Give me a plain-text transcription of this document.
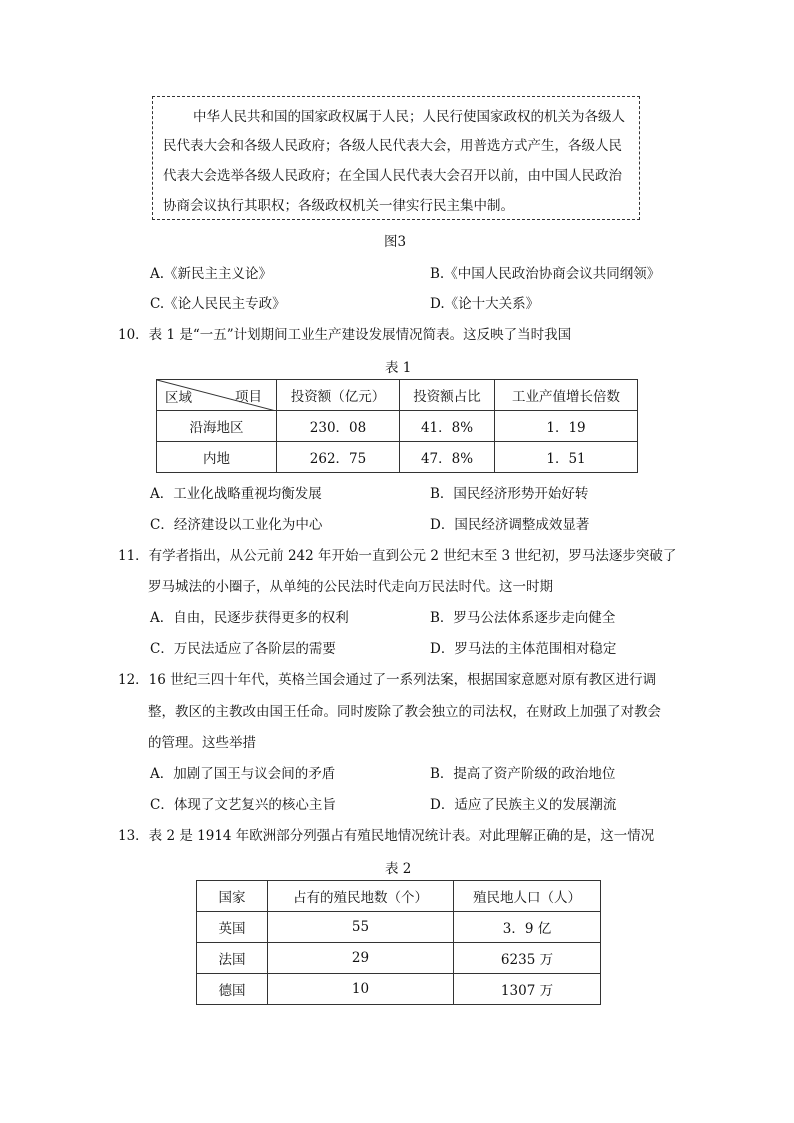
中华人民共和国的国家政权属于人民；人民行使国家政权的机关为各级人
民代表大会和各级人民政府；各级人民代表大会，用普选方式产生，各级人民
代表大会选举各级人民政府；在全国人民代表大会召开以前，由中国人民政治
协商会议执行其职权；各级政权机关一律实行民主集中制。
图3
A.《新民主主义论》	B.《中国人民政治协商会议共同纲领》
C.《论人民民主专政》	D.《论十大关系》
10．表 1 是“一五”计划期间工业生产建设发展情况简表。这反映了当时我国
表 1
区域 项目	投资额（亿元）	投资额占比	工业产值增长倍数
沿海地区	230．08	41．8%	1．19
内地	262．75	47．8%	1．51
A．工业化战略重视均衡发展	B．国民经济形势开始好转
C．经济建设以工业化为中心	D．国民经济调整成效显著
11．有学者指出，从公元前 242 年开始一直到公元 2 世纪末至 3 世纪初，罗马法逐步突破了
罗马城法的小圈子，从单纯的公民法时代走向万民法时代。这一时期
A．自由，民逐步获得更多的权利	B．罗马公法体系逐步走向健全
C．万民法适应了各阶层的需要	D．罗马法的主体范围相对稳定
12．16 世纪三四十年代，英格兰国会通过了一系列法案，根据国家意愿对原有教区进行调
整，教区的主教改由国王任命。同时废除了教会独立的司法权，在财政上加强了对教会
的管理。这些举措
A．加剧了国王与议会间的矛盾	B．提高了资产阶级的政治地位
C．体现了文艺复兴的核心主旨	D．适应了民族主义的发展潮流
13．表 2 是 1914 年欧洲部分列强占有殖民地情况统计表。对此理解正确的是，这一情况
表 2
国家	占有的殖民地数（个）	殖民地人口（人）
英国	55	3．9 亿
法国	29	6235 万
德国	10	1307 万
